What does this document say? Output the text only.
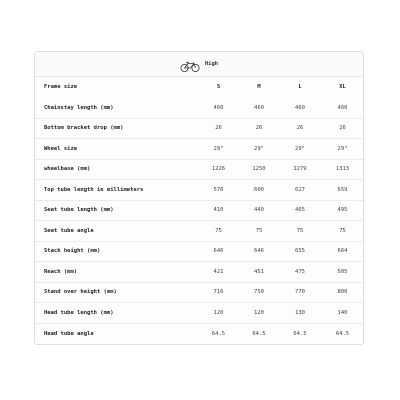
High
Frame size	S	M	L	XL
Chainstay length (mm)	460	460	460	460
Bottom bracket drop (mm)	26	26	26	26
Wheel size	29"	29"	29"	29"
wheelbase (mm)	1226	1250	1279	1313
Top tube length in millimeters	570	600	627	659
Seat tube length (mm)	410	440	465	495
Seat tube angle	75	75	75	75
Stack height (mm)	646	646	655	664
Reach (mm)	421	451	475	505
Stand over height (mm)	716	750	770	800
Head tube length (mm)	120	120	130	140
Head tube angle	64.5	64.5	64.5	64.5
